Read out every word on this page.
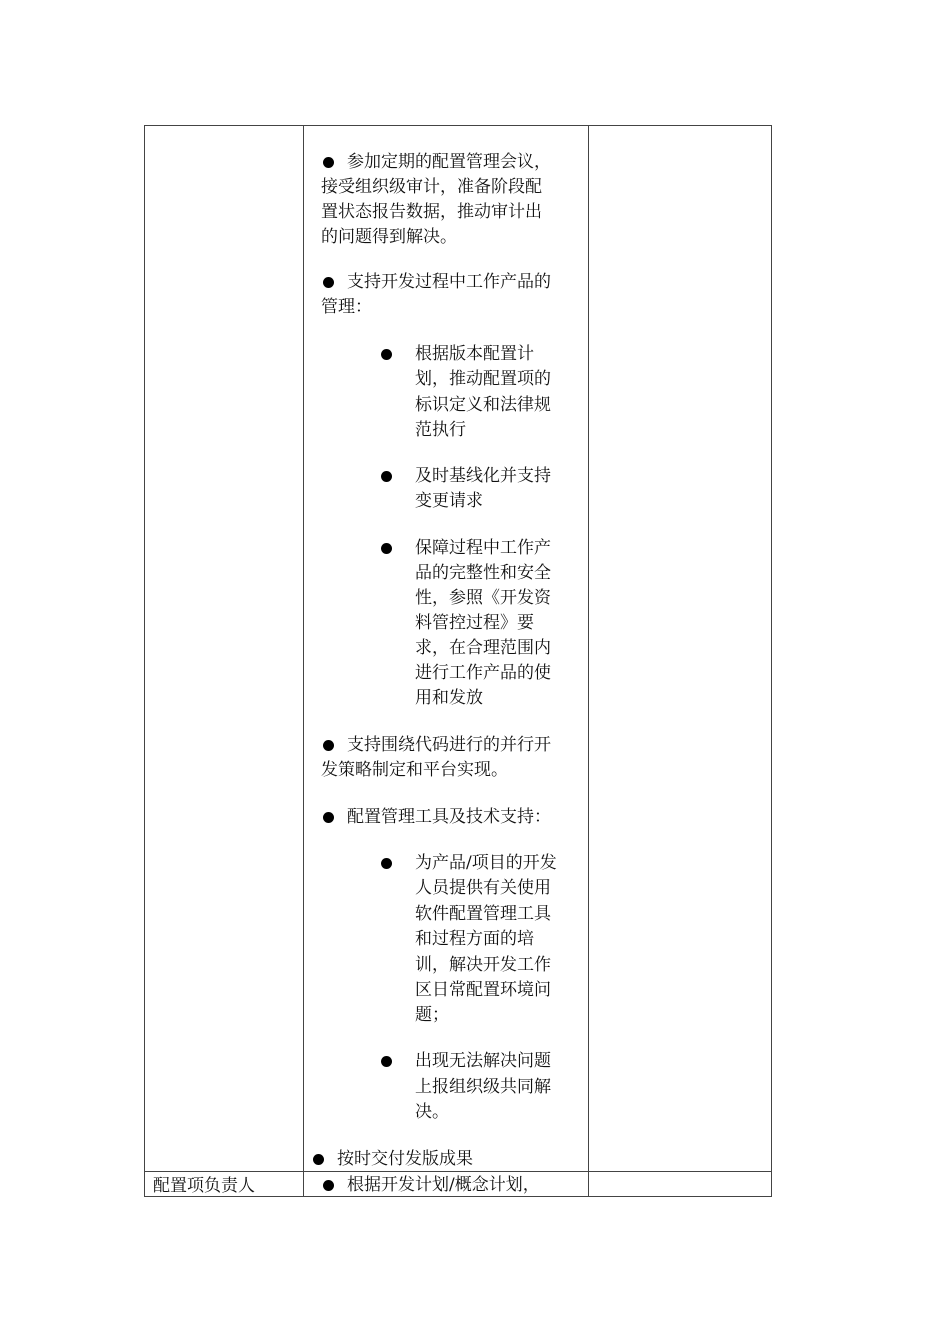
参加定期的配置管理会议，
接受组织级审计，准备阶段配
置状态报告数据，推动审计出
的问题得到解决。
支持开发过程中工作产品的
管理：
根据版本配置计
划，推动配置项的
标识定义和法律规
范执行
及时基线化并支持
变更请求
保障过程中工作产
品的完整性和安全
性，参照《开发资
料管控过程》要
求，在合理范围内
进行工作产品的使
用和发放
支持围绕代码进行的并行开
发策略制定和平台实现。
配置管理工具及技术支持：
为产品/项目的开发
人员提供有关使用
软件配置管理工具
和过程方面的培
训，解决开发工作
区日常配置环境问
题；
出现无法解决问题
上报组织级共同解
决。
按时交付发版成果
配置项负责人	根据开发计划/概念计划，
